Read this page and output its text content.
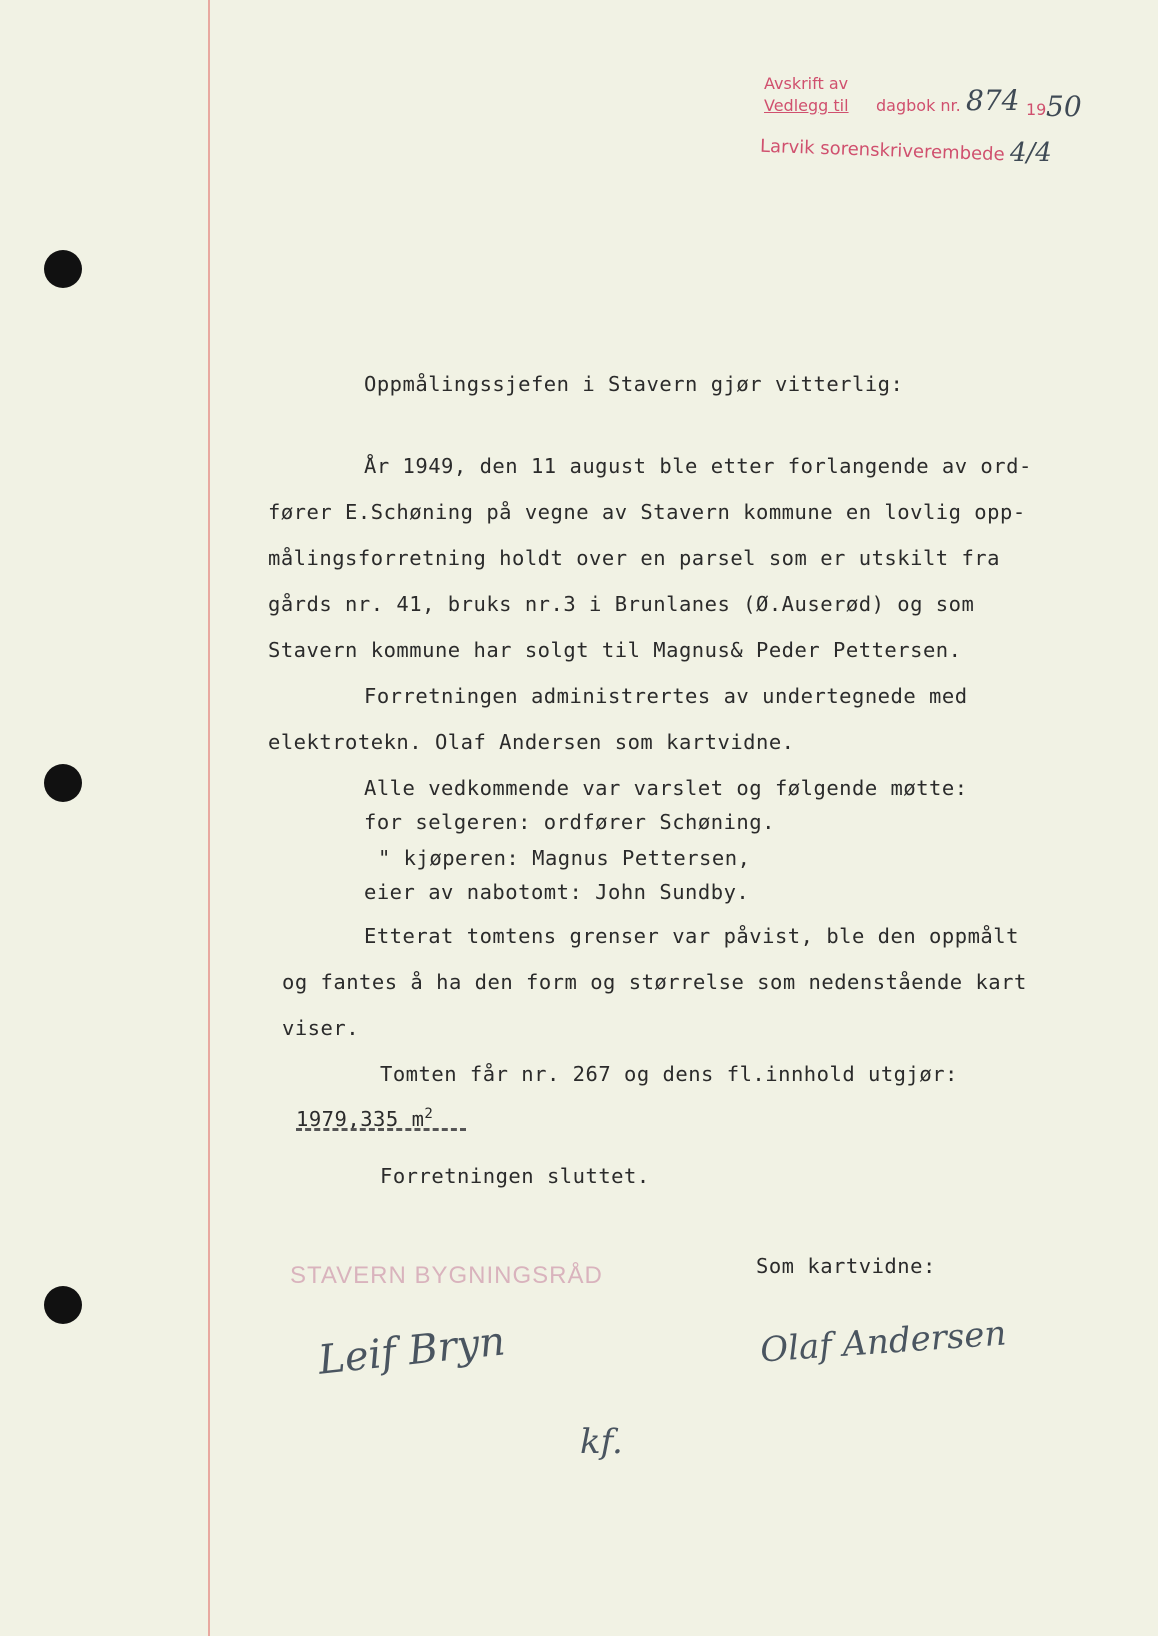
Avskrift av
Vedlegg til dagbok nr. 874 19 50
Larvik sorenskriverembede 4/4
Oppmålingssjefen i Stavern gjør vitterlig:
År 1949, den 11 august ble etter forlangende av ord-
fører E.Schøning på vegne av Stavern kommune en lovlig opp-
målingsforretning holdt over en parsel som er utskilt fra
gårds nr. 41, bruks nr.3 i Brunlanes (Ø.Auserød) og som
Stavern kommune har solgt til Magnus& Peder Pettersen.
Forretningen administrertes av undertegnede med
elektrotekn. Olaf Andersen som kartvidne.
Alle vedkommende var varslet og følgende møtte:
for selgeren: ordfører Schøning.
" kjøperen: Magnus Pettersen,
eier av nabotomt: John Sundby.
Etterat tomtens grenser var påvist, ble den oppmålt
og fantes å ha den form og størrelse som nedenstående kart
viser.
Tomten får nr. 267 og dens fl.innhold utgjør:
1979,335 $m^2$
Forretningen sluttet.
Som kartvidne:
STAVERN BYGNINGSRÅD
Leif Bryn	Olaf Andersen
kf.
